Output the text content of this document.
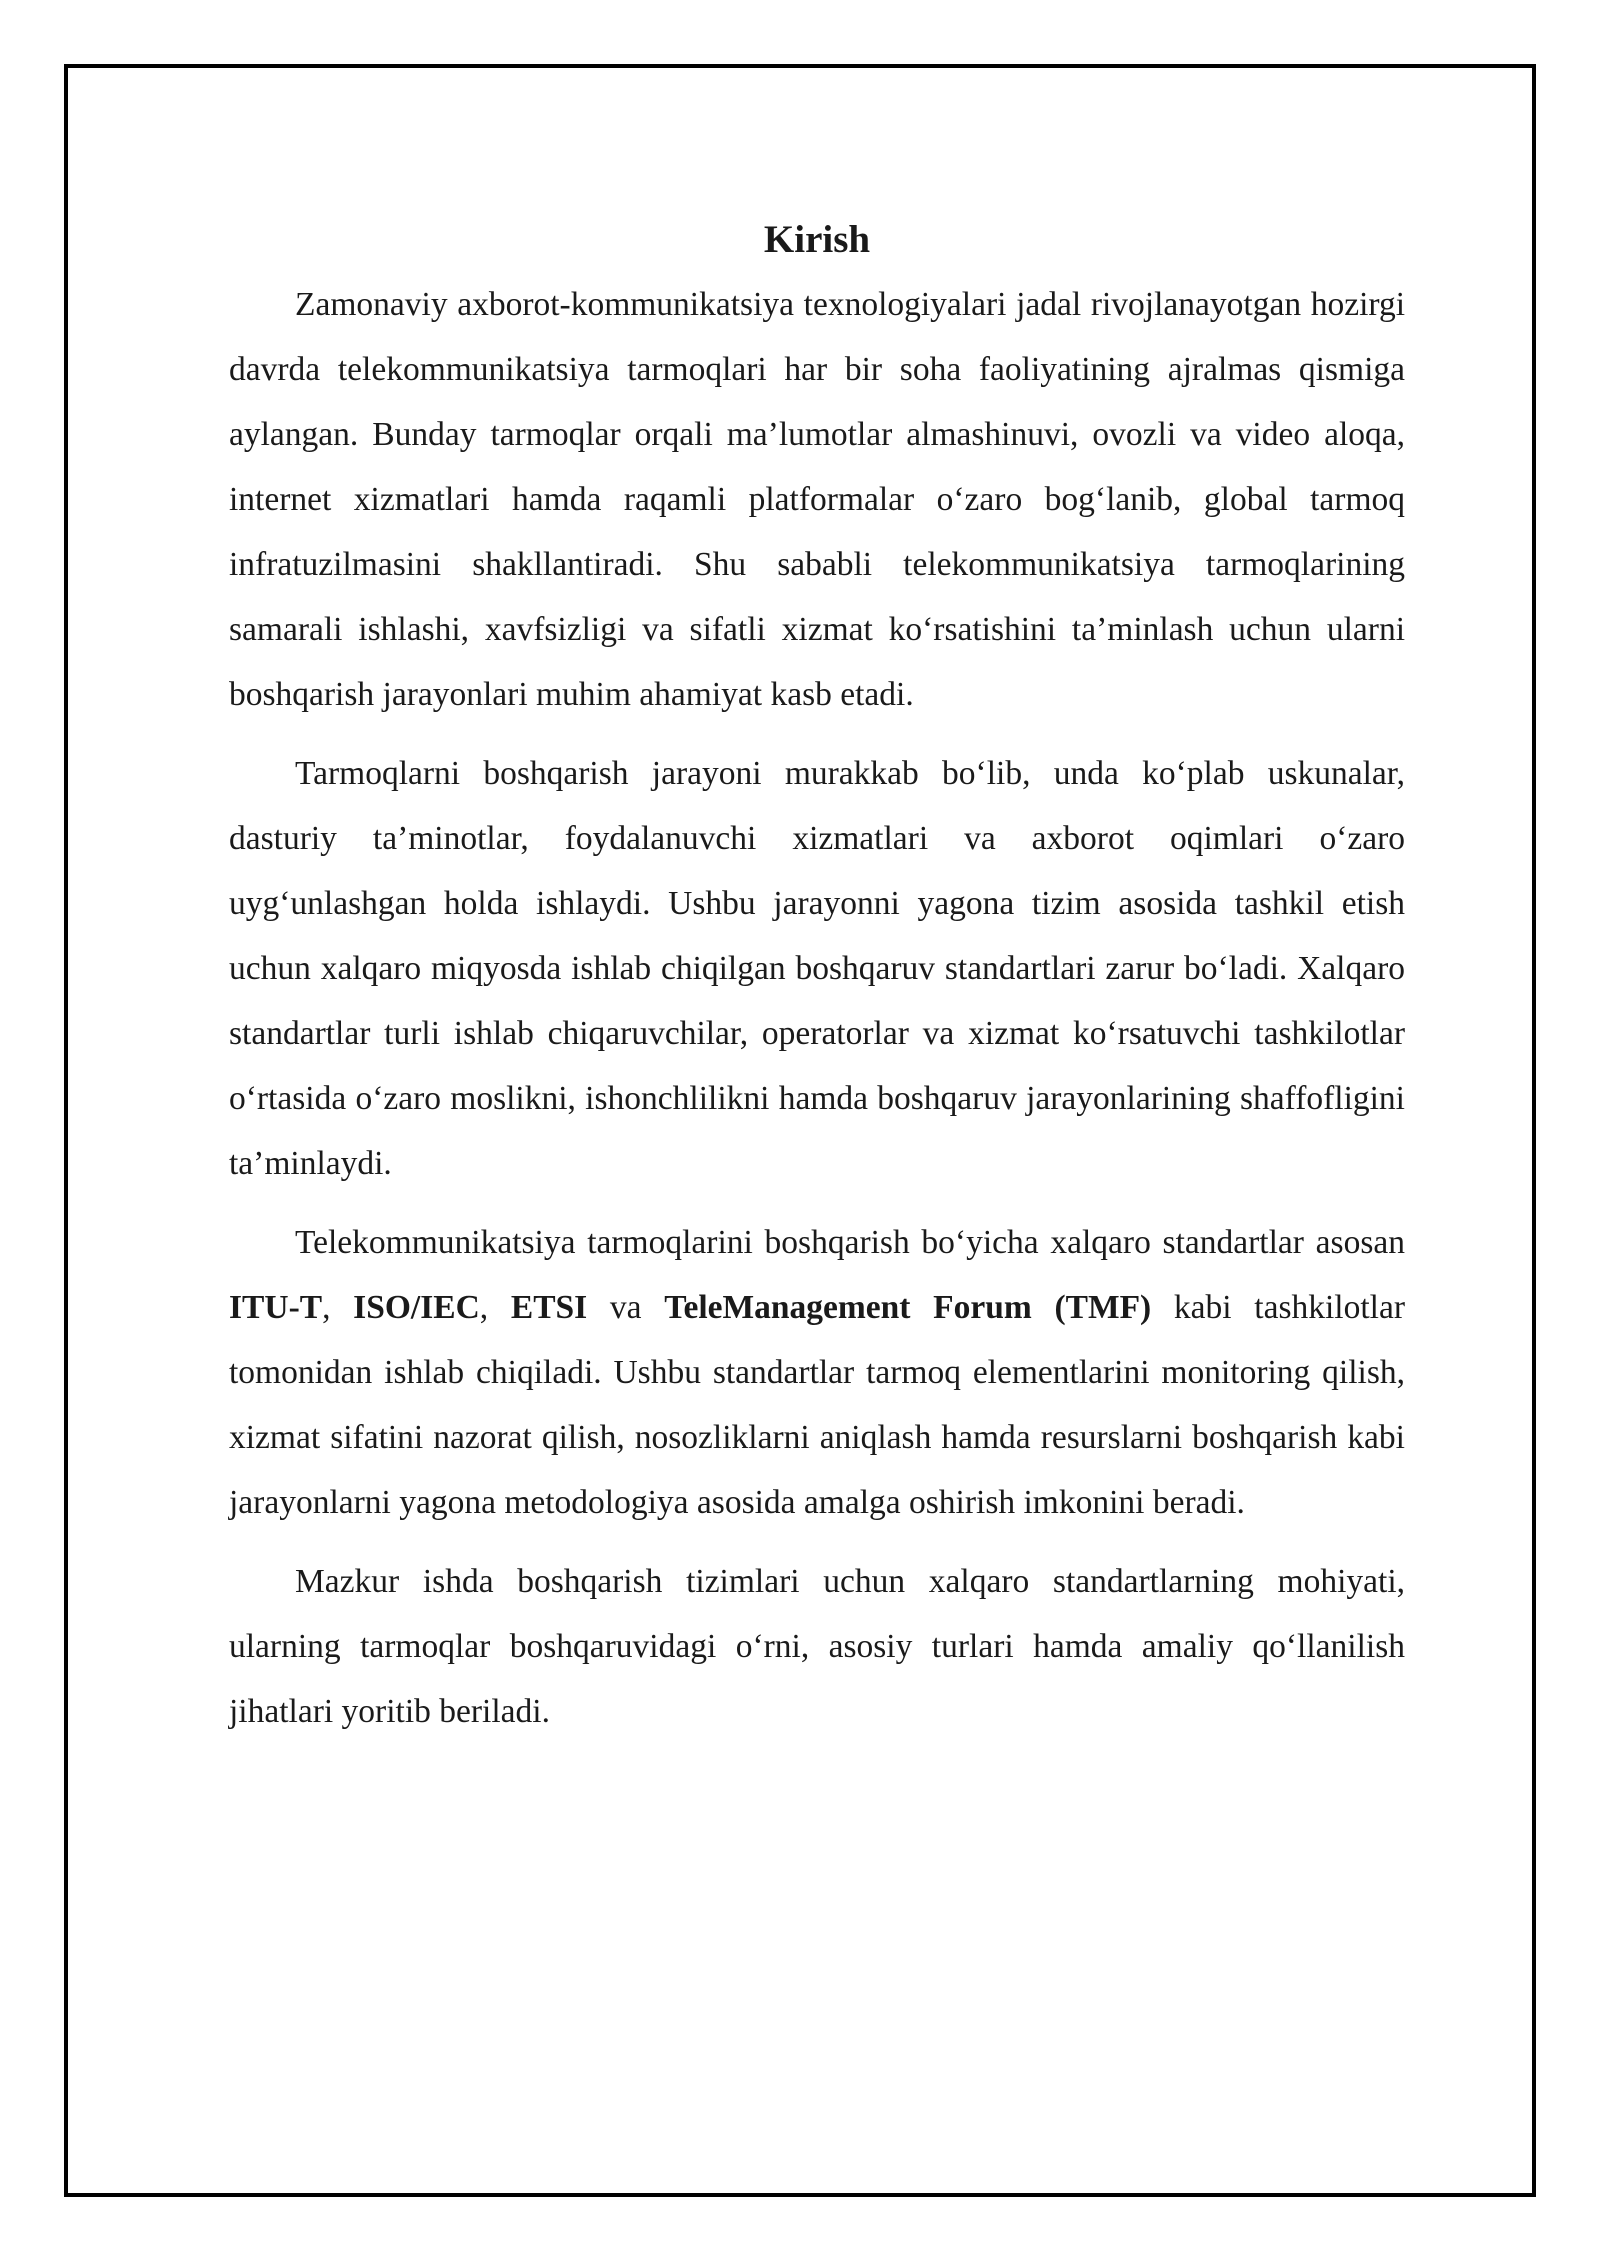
Kirish

Zamonaviy axborot-kommunikatsiya texnologiyalari jadal rivojlanayotgan hozirgi davrda telekommunikatsiya tarmoqlari har bir soha faoliyatining ajralmas qismiga aylangan. Bunday tarmoqlar orqali ma’lumotlar almashinuvi, ovozli va video aloqa, internet xizmatlari hamda raqamli platformalar o‘zaro bog‘lanib, global tarmoq infratuzilmasini shakllantiradi. Shu sababli telekommunikatsiya tarmoqlarining samarali ishlashi, xavfsizligi va sifatli xizmat ko‘rsatishini ta’minlash uchun ularni boshqarish jarayonlari muhim ahamiyat kasb etadi.

Tarmoqlarni boshqarish jarayoni murakkab bo‘lib, unda ko‘plab uskunalar, dasturiy ta’minotlar, foydalanuvchi xizmatlari va axborot oqimlari o‘zaro uyg‘unlashgan holda ishlaydi. Ushbu jarayonni yagona tizim asosida tashkil etish uchun xalqaro miqyosda ishlab chiqilgan boshqaruv standartlari zarur bo‘ladi. Xalqaro standartlar turli ishlab chiqaruvchilar, operatorlar va xizmat ko‘rsatuvchi tashkilotlar o‘rtasida o‘zaro moslikni, ishonchlilikni hamda boshqaruv jarayonlarining shaffofligini ta’minlaydi.

Telekommunikatsiya tarmoqlarini boshqarish bo‘yicha xalqaro standartlar asosan ITU-T, ISO/IEC, ETSI va TeleManagement Forum (TMF) kabi tashkilotlar tomonidan ishlab chiqiladi. Ushbu standartlar tarmoq elementlarini monitoring qilish, xizmat sifatini nazorat qilish, nosozliklarni aniqlash hamda resurslarni boshqarish kabi jarayonlarni yagona metodologiya asosida amalga oshirish imkonini beradi.

Mazkur ishda boshqarish tizimlari uchun xalqaro standartlarning mohiyati, ularning tarmoqlar boshqaruvidagi o‘rni, asosiy turlari hamda amaliy qo‘llanilish jihatlari yoritib beriladi.
